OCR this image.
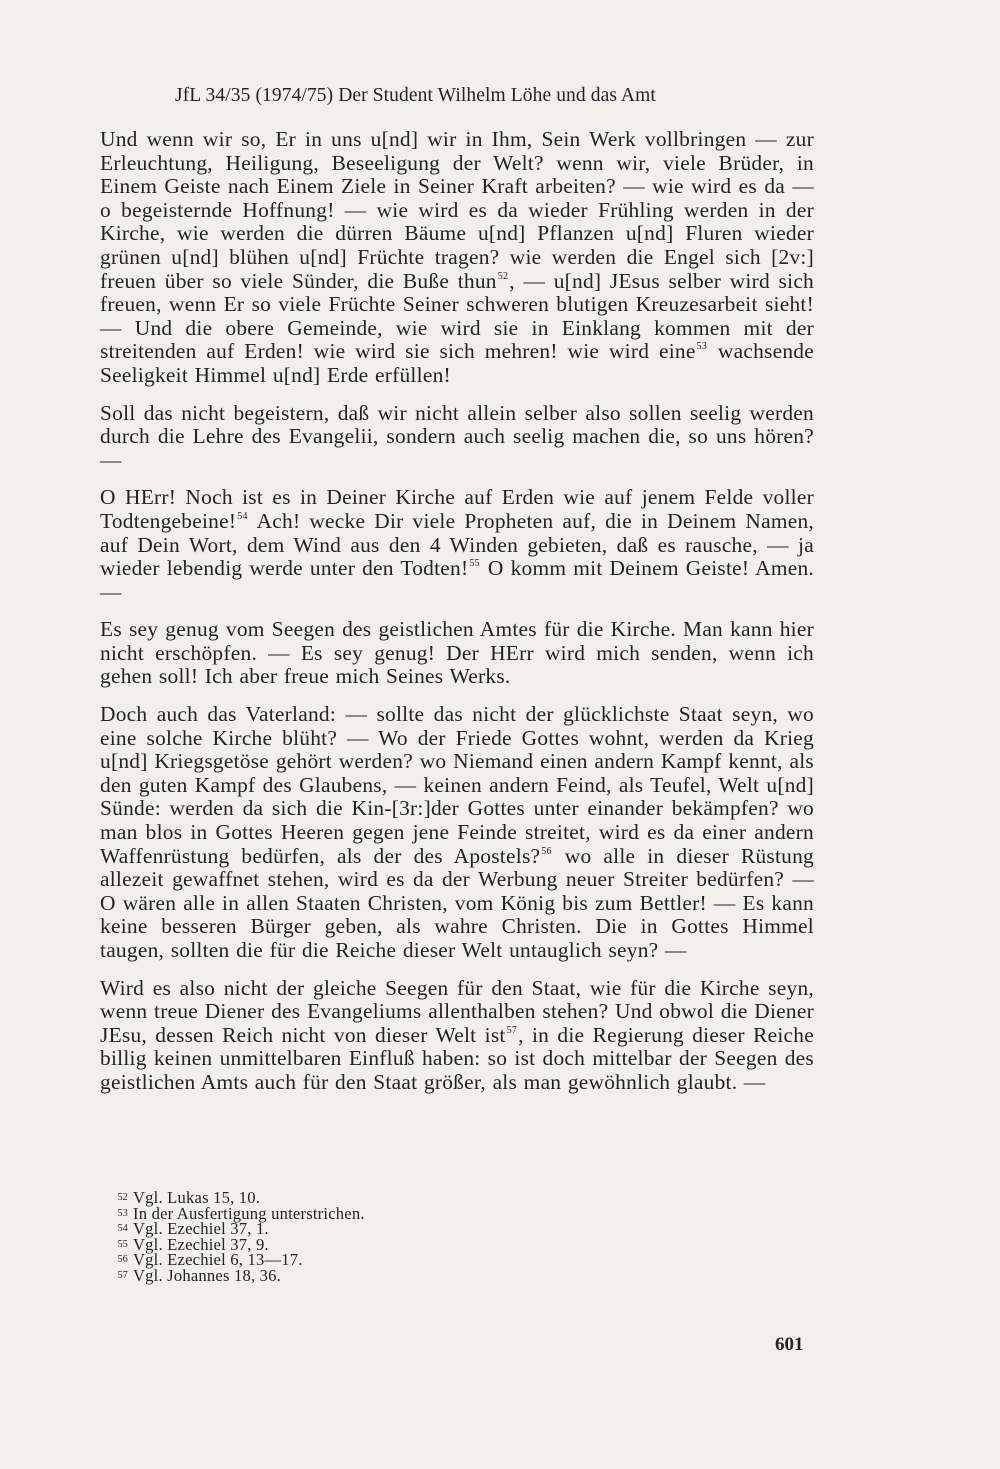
JfL 34/35 (1974/75) Der Student Wilhelm Löhe und das Amt

Und wenn wir so, Er in uns u[nd] wir in Ihm, Sein Werk vollbringen — zur Erleuchtung, Heiligung, Beseeligung der Welt? wenn wir, viele Brüder, in Einem Geiste nach Einem Ziele in Seiner Kraft arbeiten? — wie wird es da — o begeisternde Hoffnung! — wie wird es da wieder Frühling werden in der Kirche, wie werden die dürren Bäume u[nd] Pflanzen u[nd] Fluren wieder grünen u[nd] blühen u[nd] Früchte tragen? wie werden die Engel sich [2v:] freuen über so viele Sünder, die Buße thun$^{52}$, — u[nd] JEsus selber wird sich freuen, wenn Er so viele Früchte Seiner schweren blutigen Kreuzesarbeit sieht! — Und die obere Gemeinde, wie wird sie in Einklang kommen mit der streitenden auf Erden! wie wird sie sich mehren! wie wird eine$^{53}$ wachsende Seeligkeit Himmel u[nd] Erde erfüllen!

Soll das nicht begeistern, daß wir nicht allein selber also sollen seelig werden durch die Lehre des Evangelii, sondern auch seelig machen die, so uns hören? —

O HErr! Noch ist es in Deiner Kirche auf Erden wie auf jenem Felde voller Todtengebeine!$^{54}$ Ach! wecke Dir viele Propheten auf, die in Deinem Namen, auf Dein Wort, dem Wind aus den 4 Winden gebieten, daß es rausche, — ja wieder lebendig werde unter den Todten!$^{55}$ O komm mit Deinem Geiste! Amen. —

Es sey genug vom Seegen des geistlichen Amtes für die Kirche. Man kann hier nicht erschöpfen. — Es sey genug! Der HErr wird mich senden, wenn ich gehen soll! Ich aber freue mich Seines Werks.

Doch auch das Vaterland: — sollte das nicht der glücklichste Staat seyn, wo eine solche Kirche blüht? — Wo der Friede Gottes wohnt, werden da Krieg u[nd] Kriegsgetöse gehört werden? wo Niemand einen andern Kampf kennt, als den guten Kampf des Glaubens, — keinen andern Feind, als Teufel, Welt u[nd] Sünde: werden da sich die Kin-[3r:]der Gottes unter einander bekämpfen? wo man blos in Gottes Heeren gegen jene Feinde streitet, wird es da einer andern Waffenrüstung bedürfen, als der des Apostels?$^{56}$ wo alle in dieser Rüstung allezeit gewaffnet stehen, wird es da der Werbung neuer Streiter bedürfen? — O wären alle in allen Staaten Christen, vom König bis zum Bettler! — Es kann keine besseren Bürger geben, als wahre Christen. Die in Gottes Himmel taugen, sollten die für die Reiche dieser Welt untauglich seyn? —

Wird es also nicht der gleiche Seegen für den Staat, wie für die Kirche seyn, wenn treue Diener des Evangeliums allenthalben stehen? Und obwol die Diener JEsu, dessen Reich nicht von dieser Welt ist$^{57}$, in die Regierung dieser Reiche billig keinen unmittelbaren Einfluß haben: so ist doch mittelbar der Seegen des geistlichen Amts auch für den Staat größer, als man gewöhnlich glaubt. —

52 Vgl. Lukas 15, 10.
53 In der Ausfertigung unterstrichen.
54 Vgl. Ezechiel 37, 1.
55 Vgl. Ezechiel 37, 9.
56 Vgl. Ezechiel 6, 13—17.
57 Vgl. Johannes 18, 36.
601
